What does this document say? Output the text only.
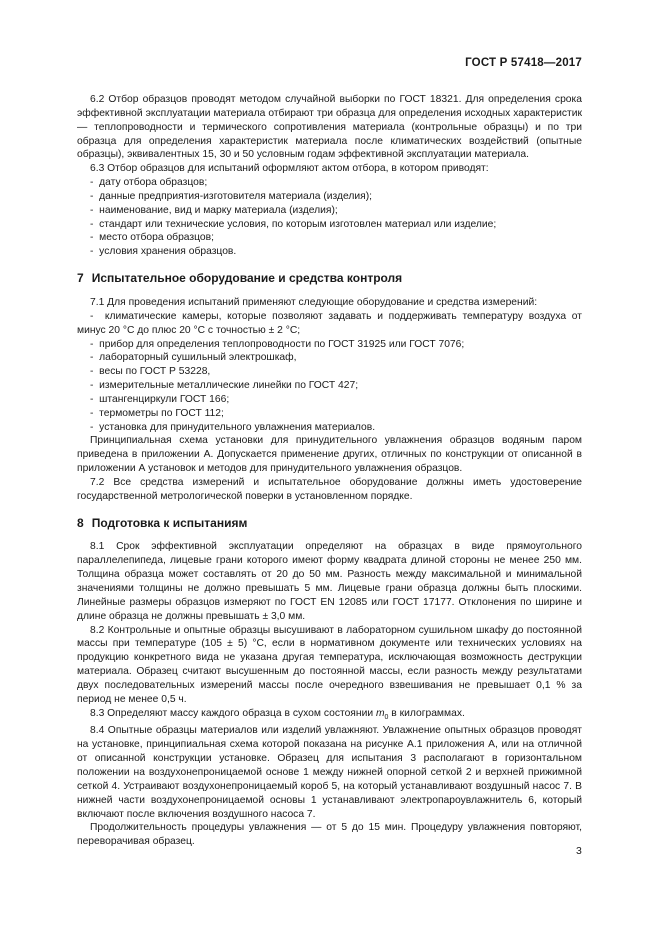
ГОСТ Р 57418—2017

6.2 Отбор образцов проводят методом случайной выборки по ГОСТ 18321. Для определения срока эффективной эксплуатации материала отбирают три образца для определения исходных характеристик — теплопроводности и термического сопротивления материала (контрольные образцы) и по три образца для определения характеристик материала после климатических воздействий (опытные образцы), эквивалентных 15, 30 и 50 условным годам эффективной эксплуатации материала.

6.3 Отбор образцов для испытаний оформляют актом отбора, в котором приводят:

-  дату отбора образцов;

-  данные предприятия-изготовителя материала (изделия);

-  наименование, вид и марку материала (изделия);

-  стандарт или технические условия, по которым изготовлен материал или изделие;

-  место отбора образцов;

-  условия хранения образцов.

7 Испытательное оборудование и средства контроля

7.1 Для проведения испытаний применяют следующие оборудование и средства измерений:

-  климатические камеры, которые позволяют задавать и поддерживать температуру воздуха от минус 20 °С до плюс 20 °С с точностью ± 2 °С;

-  прибор для определения теплопроводности по ГОСТ 31925 или ГОСТ 7076;

-  лабораторный сушильный электрошкаф,

-  весы по ГОСТ Р 53228,

-  измерительные металлические линейки по ГОСТ 427;

-  штангенциркули ГОСТ 166;

-  термометры по ГОСТ 112;

-  установка для принудительного увлажнения материалов.

Принципиальная схема установки для принудительного увлажнения образцов водяным паром приведена в приложении А. Допускается применение других, отличных по конструкции от описанной в приложении А установок и методов для принудительного увлажнения образцов.

7.2 Все средства измерений и испытательное оборудование должны иметь удостоверение государственной метрологической поверки в установленном порядке.

8 Подготовка к испытаниям

8.1 Срок эффективной эксплуатации определяют на образцах в виде прямоугольного параллелепипеда, лицевые грани которого имеют форму квадрата длиной стороны не менее 250 мм. Толщина образца может составлять от 20 до 50 мм. Разность между максимальной и минимальной значениями толщины не должно превышать 5 мм. Лицевые грани образца должны быть плоскими. Линейные размеры образцов измеряют по ГОСТ EN 12085 или ГОСТ 17177. Отклонения по ширине и длине образца не должны превышать ± 3,0 мм.

8.2 Контрольные и опытные образцы высушивают в лабораторном сушильном шкафу до постоянной массы при температуре (105 ± 5) °С, если в нормативном документе или технических условиях на продукцию конкретного вида не указана другая температура, исключающая возможность деструкции материала. Образец считают высушенным до постоянной массы, если разность между результатами двух последовательных измерений массы после очередного взвешивания не превышает 0,1 % за период не менее 0,5 ч.

8.3 Определяют массу каждого образца в сухом состоянии $m_0$ в килограммах.

8.4 Опытные образцы материалов или изделий увлажняют. Увлажнение опытных образцов проводят на установке, принципиальная схема которой показана на рисунке А.1 приложения А, или на отличной от описанной конструкции установке. Образец для испытания 3 располагают в горизонтальном положении на воздухонепроницаемой основе 1 между нижней опорной сеткой 2 и верхней прижимной сеткой 4. Устраивают воздухонепроницаемый короб 5, на который устанавливают воздушный насос 7. В нижней части воздухонепроницаемой основы 1 устанавливают электропароувлажнитель 6, который включают после включения воздушного насоса 7.

Продолжительность процедуры увлажнения — от 5 до 15 мин. Процедуру увлажнения повторяют, переворачивая образец.

3
